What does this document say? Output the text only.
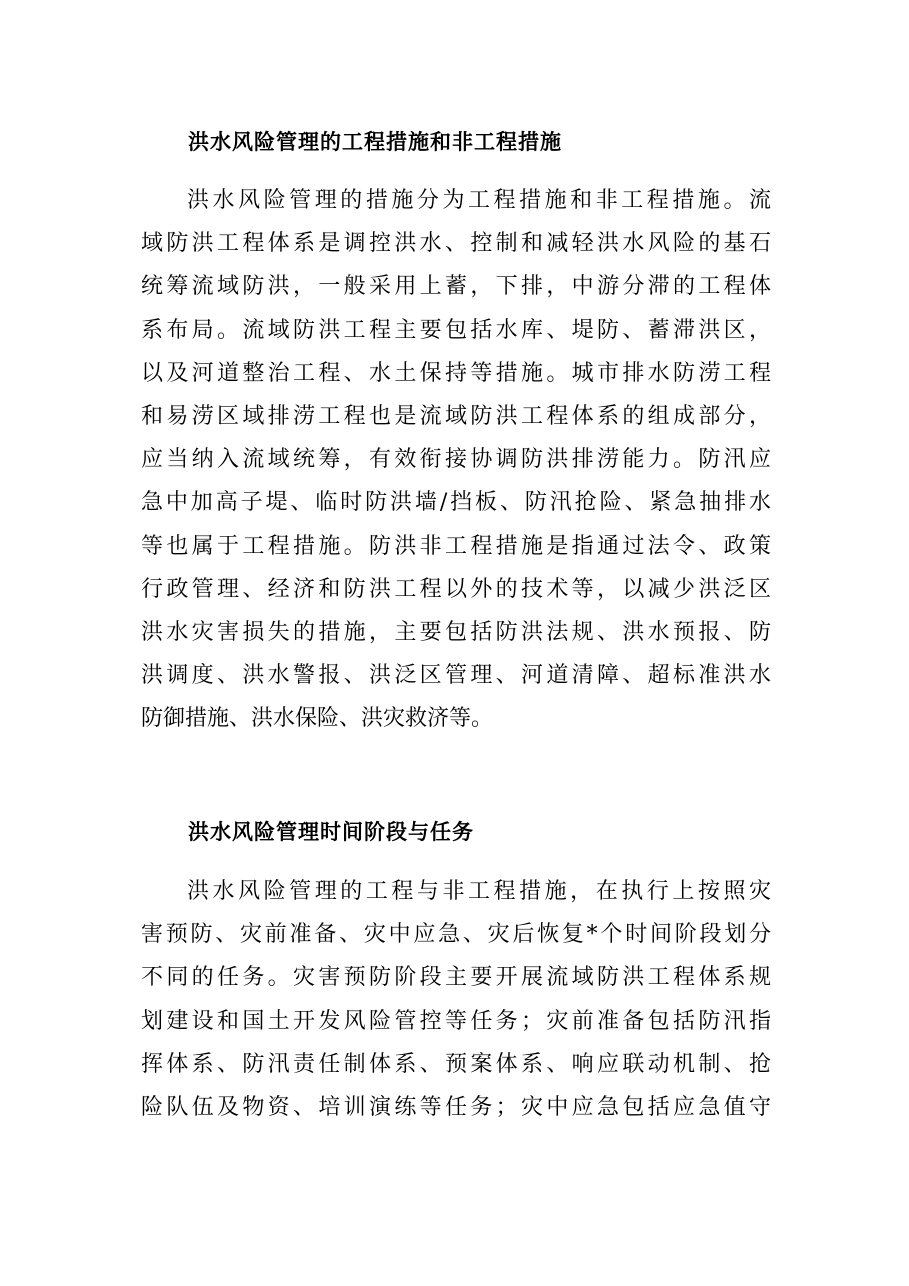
洪水风险管理的工程措施和非工程措施
洪水风险管理的措施分为工程措施和非工程措施。流
域防洪工程体系是调控洪水、控制和减轻洪水风险的基石
统筹流域防洪，一般采用上蓄，下排，中游分滞的工程体
系布局。流域防洪工程主要包括水库、堤防、蓄滞洪区，
以及河道整治工程、水土保持等措施。城市排水防涝工程
和易涝区域排涝工程也是流域防洪工程体系的组成部分，
应当纳入流域统筹，有效衔接协调防洪排涝能力。防汛应
急中加高子堤、临时防洪墙/挡板、防汛抢险、紧急抽排水
等也属于工程措施。防洪非工程措施是指通过法令、政策
行政管理、经济和防洪工程以外的技术等，以减少洪泛区
洪水灾害损失的措施，主要包括防洪法规、洪水预报、防
洪调度、洪水警报、洪泛区管理、河道清障、超标准洪水
防御措施、洪水保险、洪灾救济等。
洪水风险管理时间阶段与任务
洪水风险管理的工程与非工程措施，在执行上按照灾
害预防、灾前准备、灾中应急、灾后恢复*个时间阶段划分
不同的任务。灾害预防阶段主要开展流域防洪工程体系规
划建设和国土开发风险管控等任务；灾前准备包括防汛指
挥体系、防汛责任制体系、预案体系、响应联动机制、抢
险队伍及物资、培训演练等任务；灾中应急包括应急值守
